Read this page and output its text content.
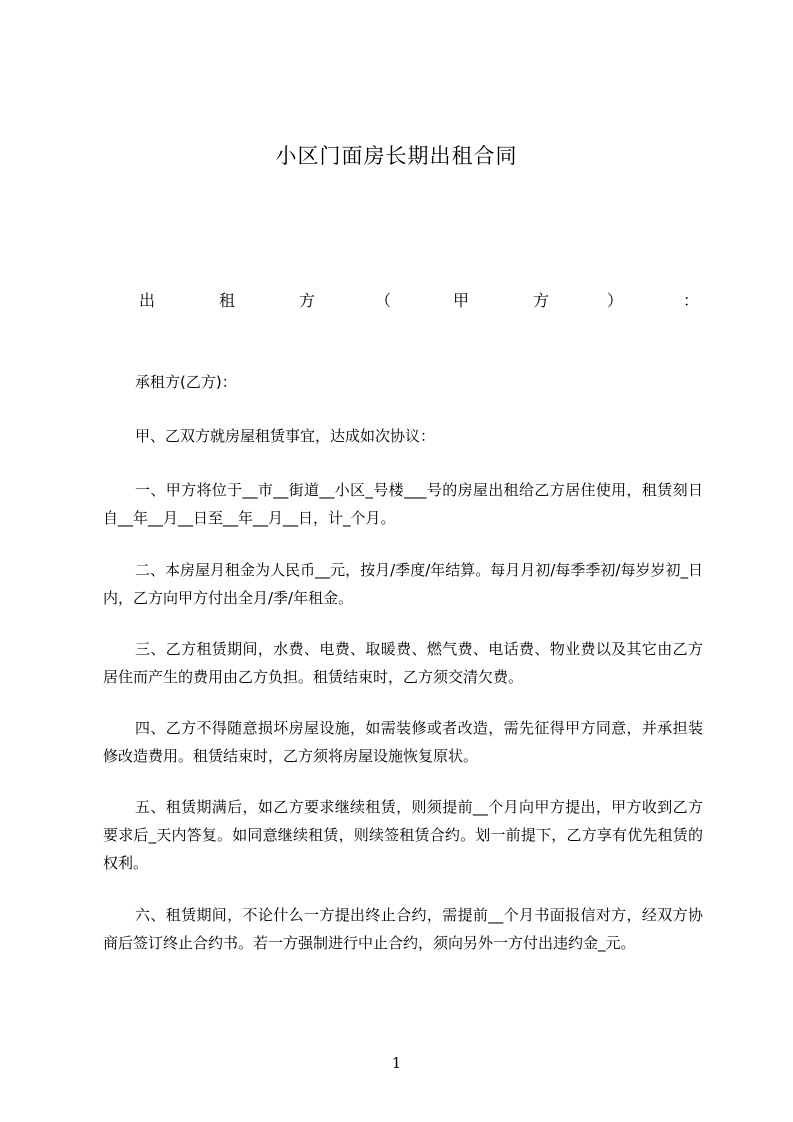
小区门面房长期出租合同
出	租	方	（	甲	方	）	：
承租方(乙方)：
甲、乙双方就房屋租赁事宜，达成如次协议：
一、甲方将位于__市__街道__小区_号楼___号的房屋出租给乙方居住使用，租赁刻日自__年__月__日至__年__月__日，计_个月。
二、本房屋月租金为人民币__元，按月/季度/年结算。每月月初/每季季初/每岁岁初_日内，乙方向甲方付出全月/季/年租金。
三、乙方租赁期间，水费、电费、取暖费、燃气费、电话费、物业费以及其它由乙方居住而产生的费用由乙方负担。租赁结束时，乙方须交清欠费。
四、乙方不得随意损坏房屋设施，如需装修或者改造，需先征得甲方同意，并承担装修改造费用。租赁结束时，乙方须将房屋设施恢复原状。
五、租赁期满后，如乙方要求继续租赁，则须提前__个月向甲方提出，甲方收到乙方要求后_天内答复。如同意继续租赁，则续签租赁合约。划一前提下，乙方享有优先租赁的权利。
六、租赁期间，不论什么一方提出终止合约，需提前__个月书面报信对方，经双方协商后签订终止合约书。若一方强制进行中止合约，须向另外一方付出违约金_元。
1
